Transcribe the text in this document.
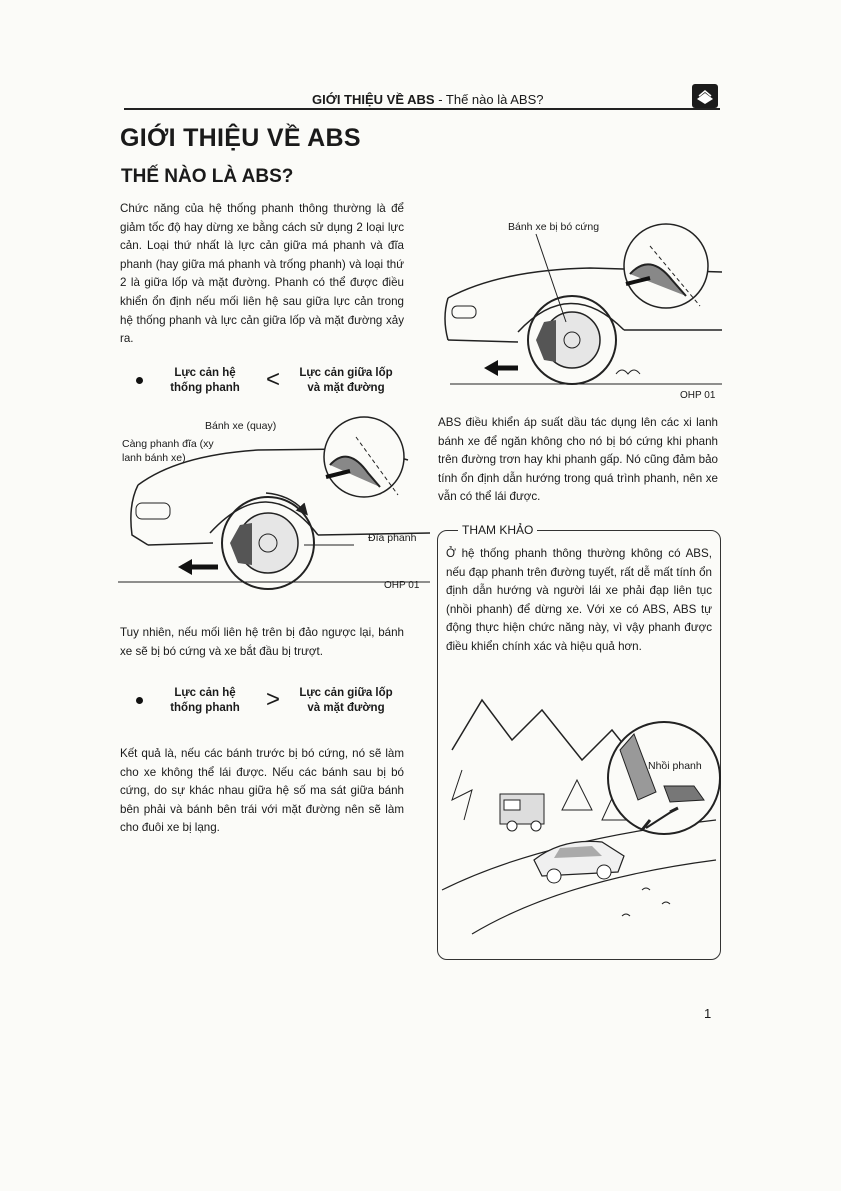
GIỚI THIỆU VỀ ABS - Thế nào là ABS?
GIỚI THIỆU VỀ ABS
THẾ NÀO LÀ ABS?
Chức năng của hệ thống phanh thông thường là để giảm tốc độ hay dừng xe bằng cách sử dụng 2 loại lực cản. Loại thứ nhất là lực cản giữa má phanh và đĩa phanh (hay giữa má phanh và trống phanh) và loại thứ 2 là giữa lốp và mặt đường. Phanh có thể được điều khiển ổn định nếu mối liên hệ sau giữa lực cản trong hệ thống phanh và lực cản giữa lốp và mặt đường xảy ra.
Lực cản hệ thống phanh	<	Lực cản giữa lốp và mặt đường
Bánh xe (quay)
Càng phanh đĩa (xy lanh bánh xe)
Đĩa phanh
OHP 01
Tuy nhiên, nếu mối liên hệ trên bị đảo ngược lại, bánh xe sẽ bị bó cứng và xe bắt đầu bị trượt.
Lực cản hệ thống phanh	>	Lực cản giữa lốp và mặt đường
Kết quả là, nếu các bánh trước bị bó cứng, nó sẽ làm cho xe không thể lái được. Nếu các bánh sau bị bó cứng, do sự khác nhau giữa hệ số ma sát giữa bánh bên phải và bánh bên trái với mặt đường nên sẽ làm cho đuôi xe bị lạng.
Bánh xe bị bó cứng
OHP 01
ABS điều khiển áp suất dầu tác dụng lên các xi lanh bánh xe để ngăn không cho nó bị bó cứng khi phanh trên đường trơn hay khi phanh gấp. Nó cũng đảm bảo tính ổn định dẫn hướng trong quá trình phanh, nên xe vẫn có thể lái được.
THAM KHẢO
Ở hệ thống phanh thông thường không có ABS, nếu đạp phanh trên đường tuyết, rất dễ mất tính ổn định dẫn hướng và người lái xe phải đạp liên tục (nhồi phanh) để dừng xe. Với xe có ABS, ABS tự động thực hiện chức năng này, vì vậy phanh được điều khiển chính xác và hiệu quả hơn.
Nhồi phanh
1
